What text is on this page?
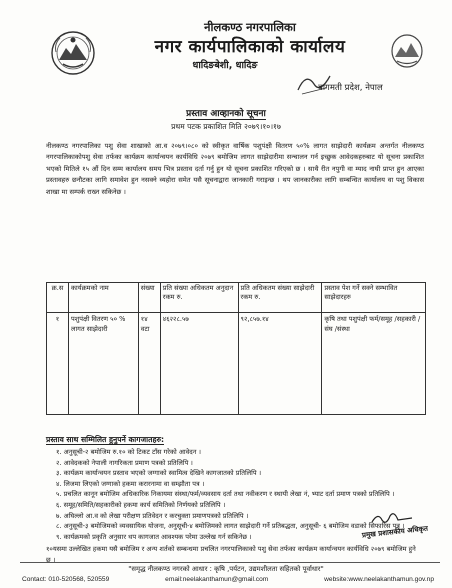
नीलकण्ठ नगरपालिका
नगर कार्यपालिकाको कार्यालय
धादिङबेशी, धादिङ
बागमती प्रदेश, नेपाल
प्रस्ताव आव्हानको सूचना
प्रथम पटक प्रकाशित मिति २०७९।१०।१७

नीलकण्ठ नगरपालिका पशु सेवा शाखाको आ.व २०७९।०८० को स्वीकृत वार्षिक पशुपंक्षी वितरण ५०% लागत साझेदारी कार्यक्रम अन्तर्गत नीलकण्ठ नगरपालिकाकोपशु सेवा तर्फका कार्यक्रम कार्यान्वयन कार्यविधि २०७९ बमोजिम लागत साझेदारीमा सन्चालन गर्न इच्छुक आवेदकहरुबाट यो सूचना प्रकाशित भएको मितिले १५ औं दिन सम्म कार्यालय समय भित्र प्रस्ताव दर्ता गर्नु हुन यो सूचना प्रकाशित गरिएको छ । साथै रीत नपुगी वा म्याद नाघी प्राप्त हुन आएका प्रस्तावहरु छनौटका लागि समावेश हुन नसक्ने व्यहोरा समेत यसै सूचनाद्वारा जानकारी गराइन्छ । थप जानकारीका लागि सम्बन्धित कार्यालय वा पशु विकास शाखा मा सम्पर्क राख्न सकिनेछ ।

क्र.स	कार्यक्रमको नाम	संख्या	प्रति संख्या अधिकतम अनुदान रकम रु.	प्रति अधिकतम संख्या साझेदारी रकम रु.	प्रस्ताव पेश गर्ने सक्ने सम्भावित साझेदारहरु
१	पशुपंक्षी वितरण ५० % लागत साझेदारी	१४ वटा	४६२२८.५७	९२,८५७.१४	कृषि तथा पशुपंक्षी फर्म/समूह /सहकारी /संघ /संस्था
प्रस्ताव साथ सम्मिलित हुनुपर्ने कागजातहरु:
१. अनुसूची-२ बमोजिम रु.१० को टिकट टाँस गरेको आवेदन ।
२. आवेदकको नेपाली नागरिकता प्रमाण पत्रको प्रतिलिपि ।
३. कार्यक्रम कार्यान्वयन प्रस्ताव भएको जग्गाको स्वामित्व देखिने कागजातको प्रतिलिपि ।
४. लिजमा लिएको जग्गाको हकमा करारनामा वा सम्झौता पत्र ।
५. प्रचलित कानून बमोजिम अधिकारिक निकायमा संस्था/फर्म/व्यवसाय दर्ता तथा नवीकरण र स्थायी लेखा नं, भ्याट दर्ता प्रमाण पत्रको प्रतिलिपि ।
६. समूह/समिति/सहकारीको हकमा कार्य समितिको निर्णयको प्रतिलिपि ।
७. अघिल्लो आ.व को लेखा परीक्षण प्रतिवेदन र करचुक्ता प्रमाणपत्रको प्रतिलिपि ।
८. अनुसूची-३ बमोजिमको व्यवसायिक योजना, अनुसूची-४ बमोजिमको लागत साझेदारी गर्ने प्रतिबद्धता, अनुसूची- ६ बमोजिम वडाको सिफारिस पत्र ।
९. कार्यक्रमको प्रकृति अनुसार थप कागजात आवश्यक परेमा उल्लेख गर्न सकिनेछ ।

१०यसमा उल्लेखित हकमा यसै बमोजिम र अन्य शर्तको सम्बन्धमा प्रचलित नगरपालिकाको पशु सेवा तर्फका कार्यक्रम कार्यान्वयन कार्यविधि २०७९ बमोजिम हुने छ ।

प्रमुख प्रशासकीय अधिकृत
"समृद्ध नीलकण्ठ नगरको आधार : कृषि ,पर्यटन, उद्यमशीलता सहितको पूर्वाधार"
Contact: 010-520568, 520559	email:neelakanthamun@gmail.com	website:www.neelakanthamun.gov.np
